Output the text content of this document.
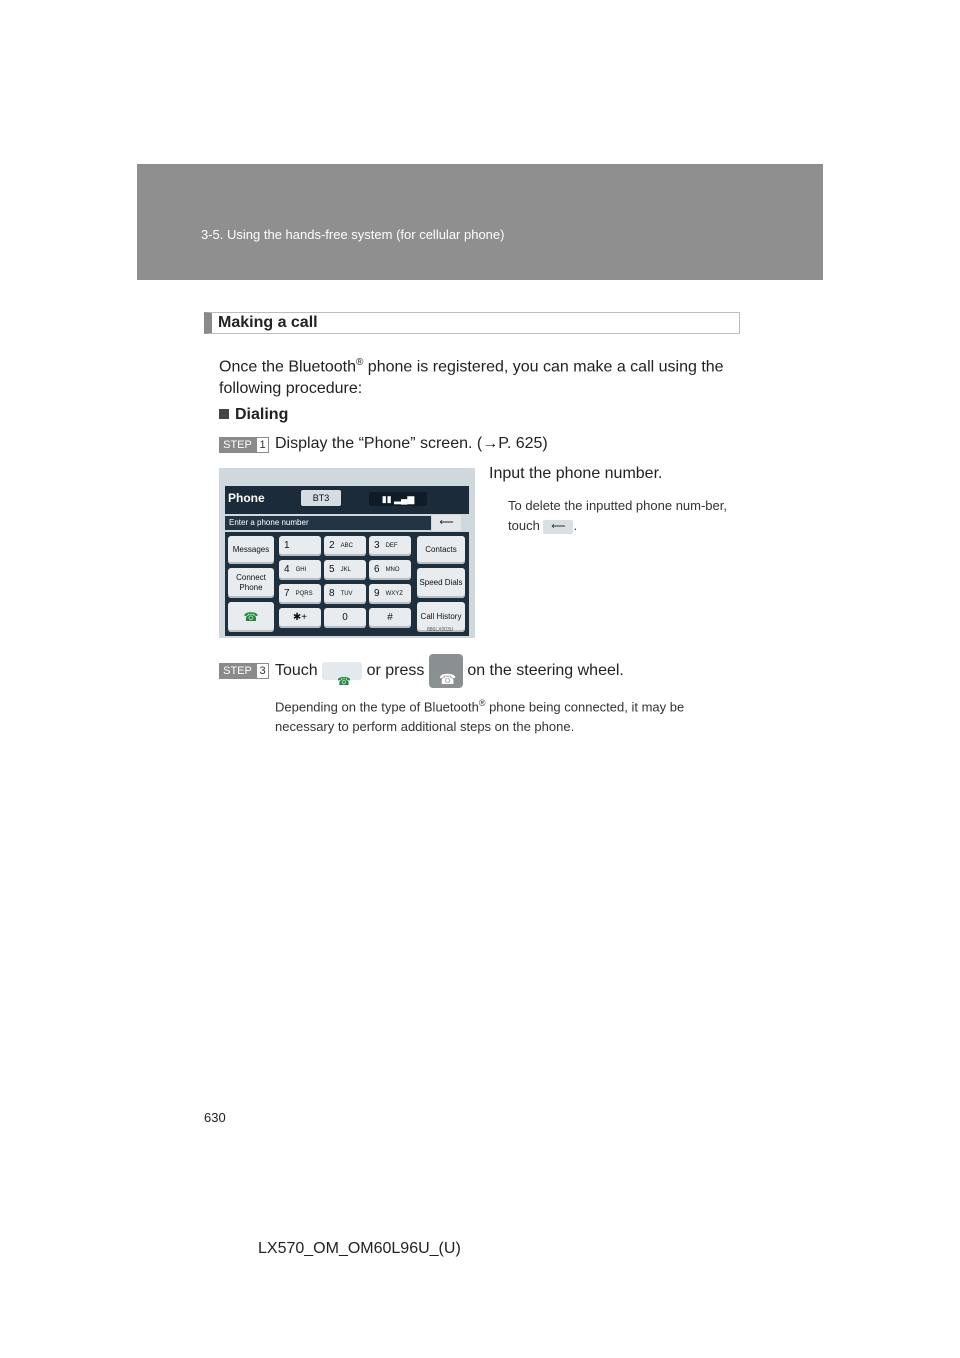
3-5. Using the hands-free system (for cellular phone)
Making a call
Once the Bluetooth® phone is registered, you can make a call using the following procedure:
Dialing
STEP 1 Display the “Phone” screen. (→P. 625)
Phone	BT3	▮▮ ▂▄▆
Enter a phone number	⟵
Messages
Connect Phone
☎
Contacts
Speed Dials
Call History
1	2 ABC 3 DEF
4 GHI 5 JKL 6 MNO
7 PQRS 8 TUV 9 WXYZ
✱+	0	#
886LX003U
Input the phone number.
To delete the inputted phone num-ber, touch ⟵ .
STEP 3 Touch ☎	or press ☎	on the steering wheel.
Depending on the type of Bluetooth® phone being connected, it may be necessary to perform additional steps on the phone.
630
LX570_OM_OM60L96U_(U)
